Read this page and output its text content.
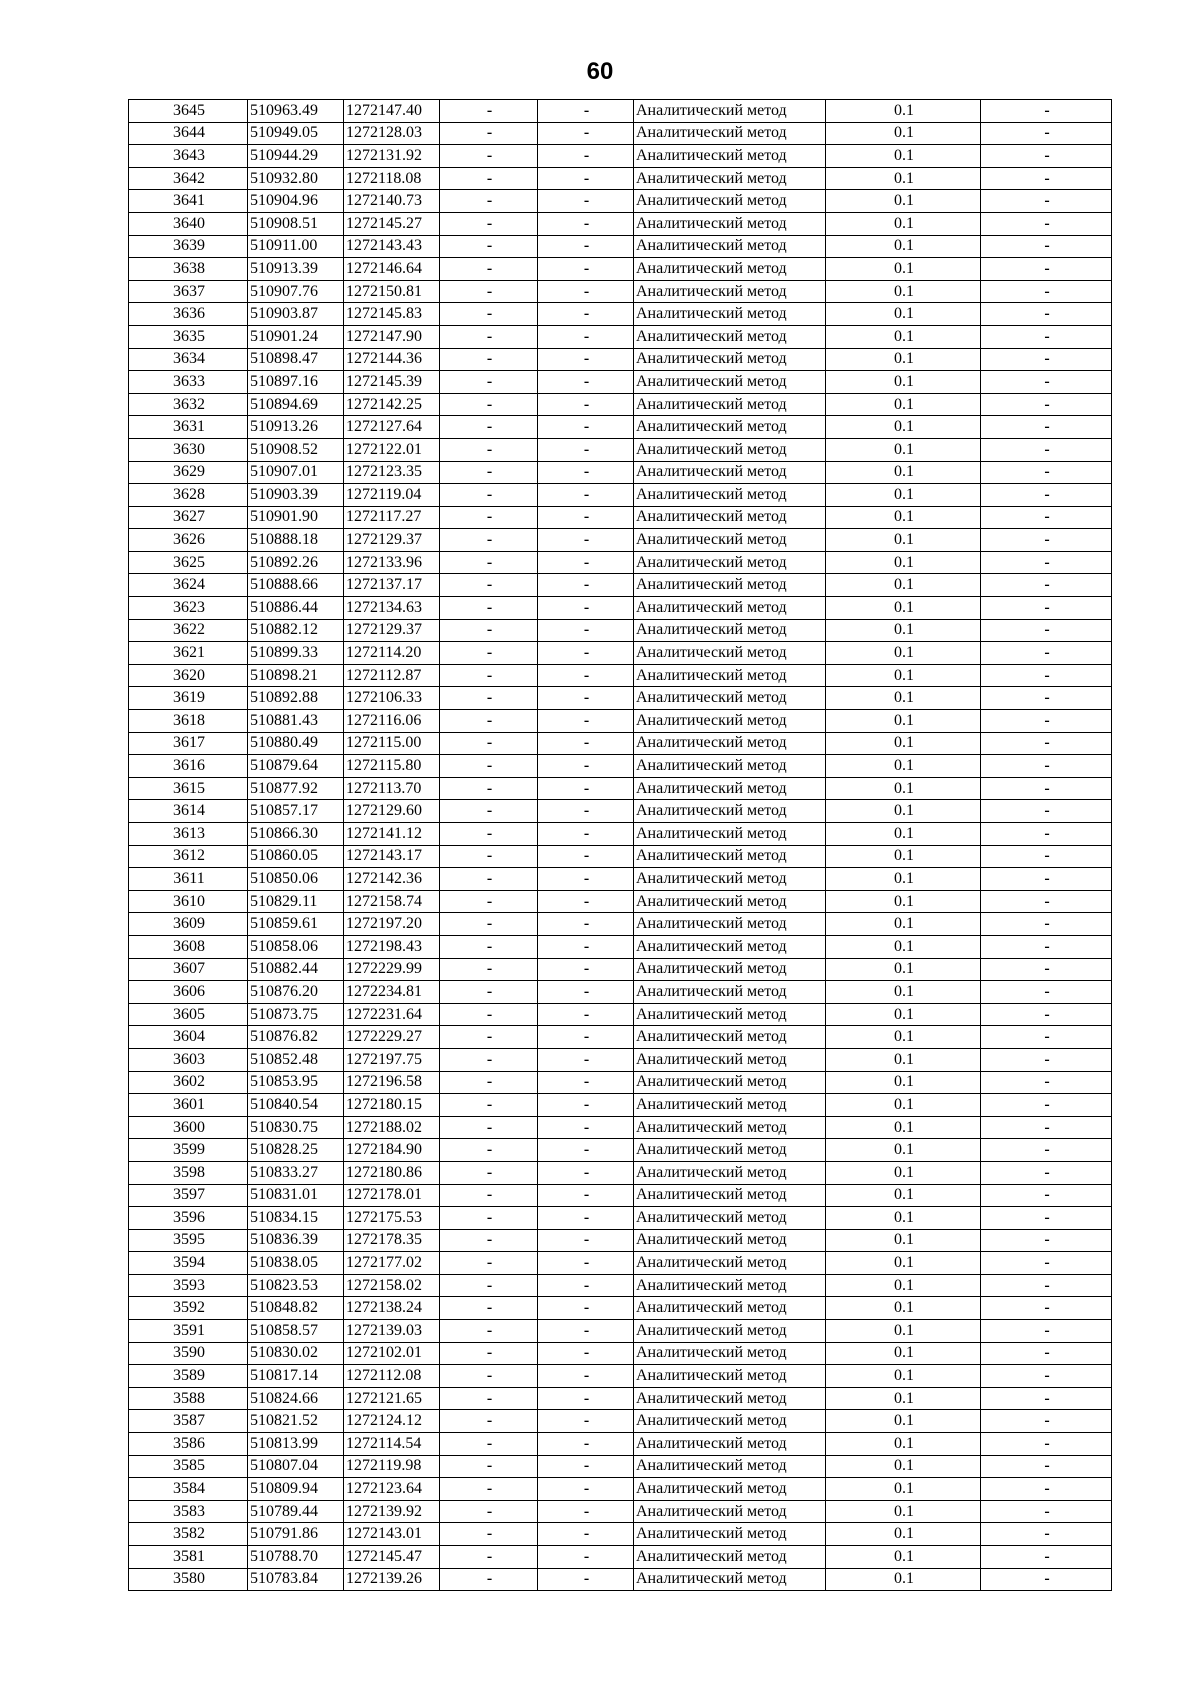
60
3645	510963.49	1272147.40	-	-	Аналитический метод	0.1	-
3644	510949.05	1272128.03	-	-	Аналитический метод	0.1	-
3643	510944.29	1272131.92	-	-	Аналитический метод	0.1	-
3642	510932.80	1272118.08	-	-	Аналитический метод	0.1	-
3641	510904.96	1272140.73	-	-	Аналитический метод	0.1	-
3640	510908.51	1272145.27	-	-	Аналитический метод	0.1	-
3639	510911.00	1272143.43	-	-	Аналитический метод	0.1	-
3638	510913.39	1272146.64	-	-	Аналитический метод	0.1	-
3637	510907.76	1272150.81	-	-	Аналитический метод	0.1	-
3636	510903.87	1272145.83	-	-	Аналитический метод	0.1	-
3635	510901.24	1272147.90	-	-	Аналитический метод	0.1	-
3634	510898.47	1272144.36	-	-	Аналитический метод	0.1	-
3633	510897.16	1272145.39	-	-	Аналитический метод	0.1	-
3632	510894.69	1272142.25	-	-	Аналитический метод	0.1	-
3631	510913.26	1272127.64	-	-	Аналитический метод	0.1	-
3630	510908.52	1272122.01	-	-	Аналитический метод	0.1	-
3629	510907.01	1272123.35	-	-	Аналитический метод	0.1	-
3628	510903.39	1272119.04	-	-	Аналитический метод	0.1	-
3627	510901.90	1272117.27	-	-	Аналитический метод	0.1	-
3626	510888.18	1272129.37	-	-	Аналитический метод	0.1	-
3625	510892.26	1272133.96	-	-	Аналитический метод	0.1	-
3624	510888.66	1272137.17	-	-	Аналитический метод	0.1	-
3623	510886.44	1272134.63	-	-	Аналитический метод	0.1	-
3622	510882.12	1272129.37	-	-	Аналитический метод	0.1	-
3621	510899.33	1272114.20	-	-	Аналитический метод	0.1	-
3620	510898.21	1272112.87	-	-	Аналитический метод	0.1	-
3619	510892.88	1272106.33	-	-	Аналитический метод	0.1	-
3618	510881.43	1272116.06	-	-	Аналитический метод	0.1	-
3617	510880.49	1272115.00	-	-	Аналитический метод	0.1	-
3616	510879.64	1272115.80	-	-	Аналитический метод	0.1	-
3615	510877.92	1272113.70	-	-	Аналитический метод	0.1	-
3614	510857.17	1272129.60	-	-	Аналитический метод	0.1	-
3613	510866.30	1272141.12	-	-	Аналитический метод	0.1	-
3612	510860.05	1272143.17	-	-	Аналитический метод	0.1	-
3611	510850.06	1272142.36	-	-	Аналитический метод	0.1	-
3610	510829.11	1272158.74	-	-	Аналитический метод	0.1	-
3609	510859.61	1272197.20	-	-	Аналитический метод	0.1	-
3608	510858.06	1272198.43	-	-	Аналитический метод	0.1	-
3607	510882.44	1272229.99	-	-	Аналитический метод	0.1	-
3606	510876.20	1272234.81	-	-	Аналитический метод	0.1	-
3605	510873.75	1272231.64	-	-	Аналитический метод	0.1	-
3604	510876.82	1272229.27	-	-	Аналитический метод	0.1	-
3603	510852.48	1272197.75	-	-	Аналитический метод	0.1	-
3602	510853.95	1272196.58	-	-	Аналитический метод	0.1	-
3601	510840.54	1272180.15	-	-	Аналитический метод	0.1	-
3600	510830.75	1272188.02	-	-	Аналитический метод	0.1	-
3599	510828.25	1272184.90	-	-	Аналитический метод	0.1	-
3598	510833.27	1272180.86	-	-	Аналитический метод	0.1	-
3597	510831.01	1272178.01	-	-	Аналитический метод	0.1	-
3596	510834.15	1272175.53	-	-	Аналитический метод	0.1	-
3595	510836.39	1272178.35	-	-	Аналитический метод	0.1	-
3594	510838.05	1272177.02	-	-	Аналитический метод	0.1	-
3593	510823.53	1272158.02	-	-	Аналитический метод	0.1	-
3592	510848.82	1272138.24	-	-	Аналитический метод	0.1	-
3591	510858.57	1272139.03	-	-	Аналитический метод	0.1	-
3590	510830.02	1272102.01	-	-	Аналитический метод	0.1	-
3589	510817.14	1272112.08	-	-	Аналитический метод	0.1	-
3588	510824.66	1272121.65	-	-	Аналитический метод	0.1	-
3587	510821.52	1272124.12	-	-	Аналитический метод	0.1	-
3586	510813.99	1272114.54	-	-	Аналитический метод	0.1	-
3585	510807.04	1272119.98	-	-	Аналитический метод	0.1	-
3584	510809.94	1272123.64	-	-	Аналитический метод	0.1	-
3583	510789.44	1272139.92	-	-	Аналитический метод	0.1	-
3582	510791.86	1272143.01	-	-	Аналитический метод	0.1	-
3581	510788.70	1272145.47	-	-	Аналитический метод	0.1	-
3580	510783.84	1272139.26	-	-	Аналитический метод	0.1	-
